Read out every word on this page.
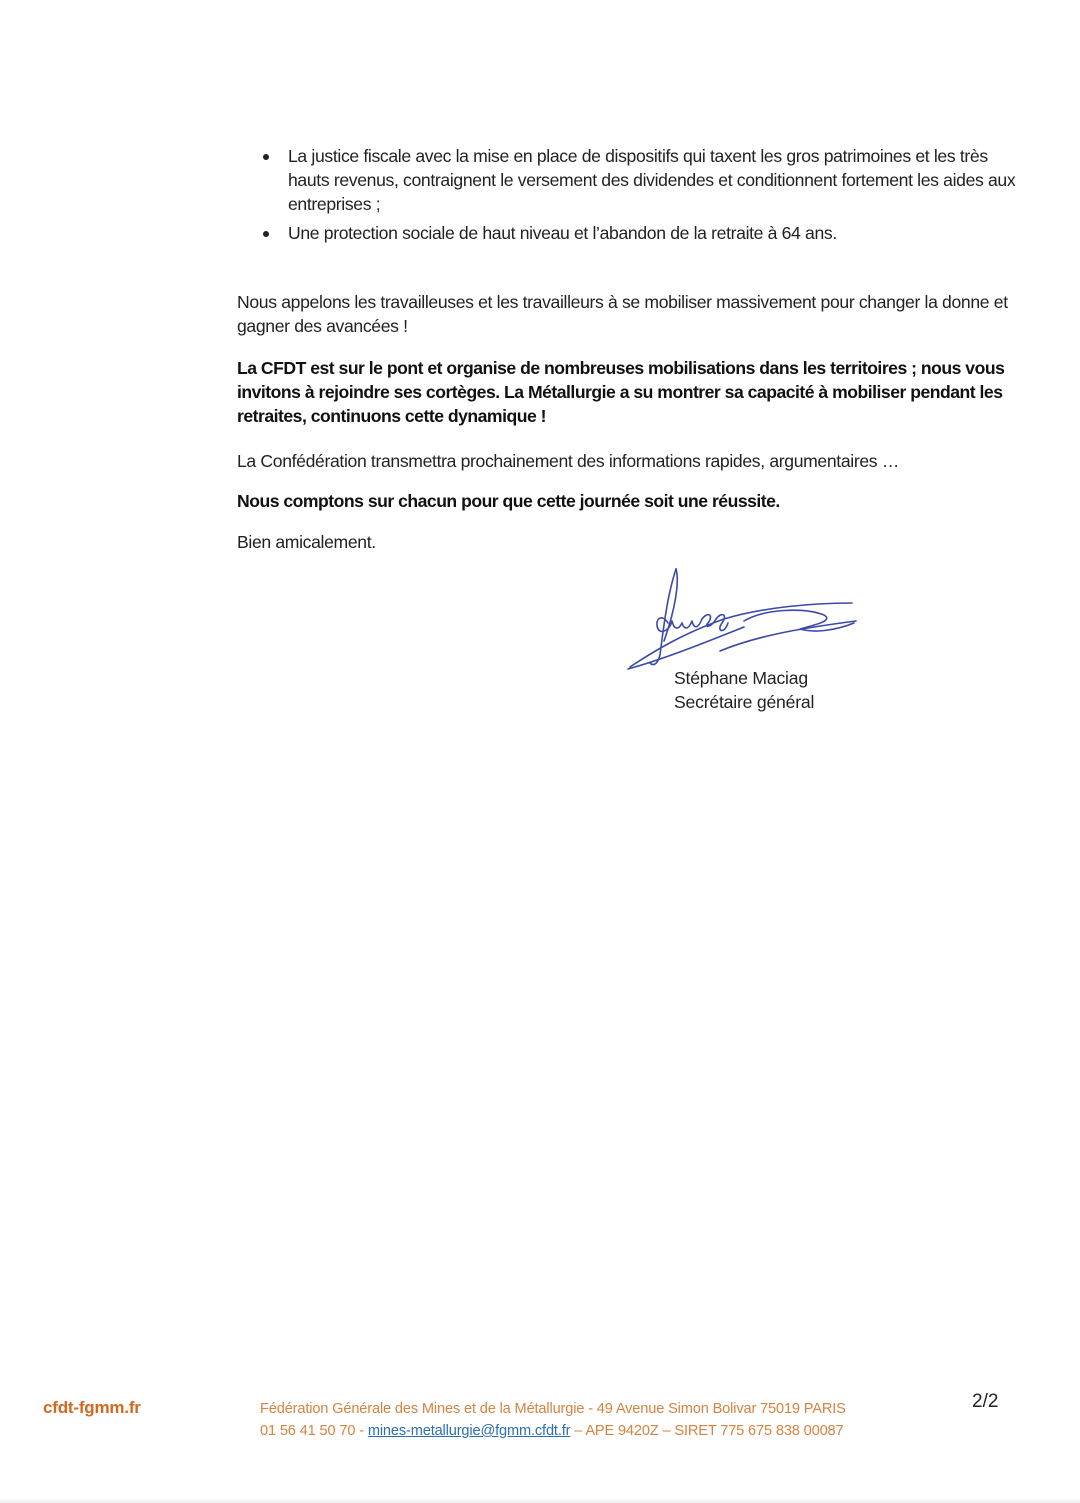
La justice fiscale avec la mise en place de dispositifs qui taxent les gros patrimoines et les très hauts revenus, contraignent le versement des dividendes et conditionnent fortement les aides aux entreprises ;
Une protection sociale de haut niveau et l’abandon de la retraite à 64 ans.

Nous appelons les travailleuses et les travailleurs à se mobiliser massivement pour changer la donne et gagner des avancées !

La CFDT est sur le pont et organise de nombreuses mobilisations dans les territoires ; nous vous invitons à rejoindre ses cortèges. La Métallurgie a su montrer sa capacité à mobiliser pendant les retraites, continuons cette dynamique !

La Confédération transmettra prochainement des informations rapides, argumentaires …

Nous comptons sur chacun pour que cette journée soit une réussite.

Bien amicalement.

Stéphane Maciag
Secrétaire général
cfdt-fgmm.fr	Fédération Générale des Mines et de la Métallurgie - 49 Avenue Simon Bolivar 75019 PARIS
01 56 41 50 70 - mines-metallurgie@fgmm.cfdt.fr – APE 9420Z – SIRET 775 675 838 00087
2/2
